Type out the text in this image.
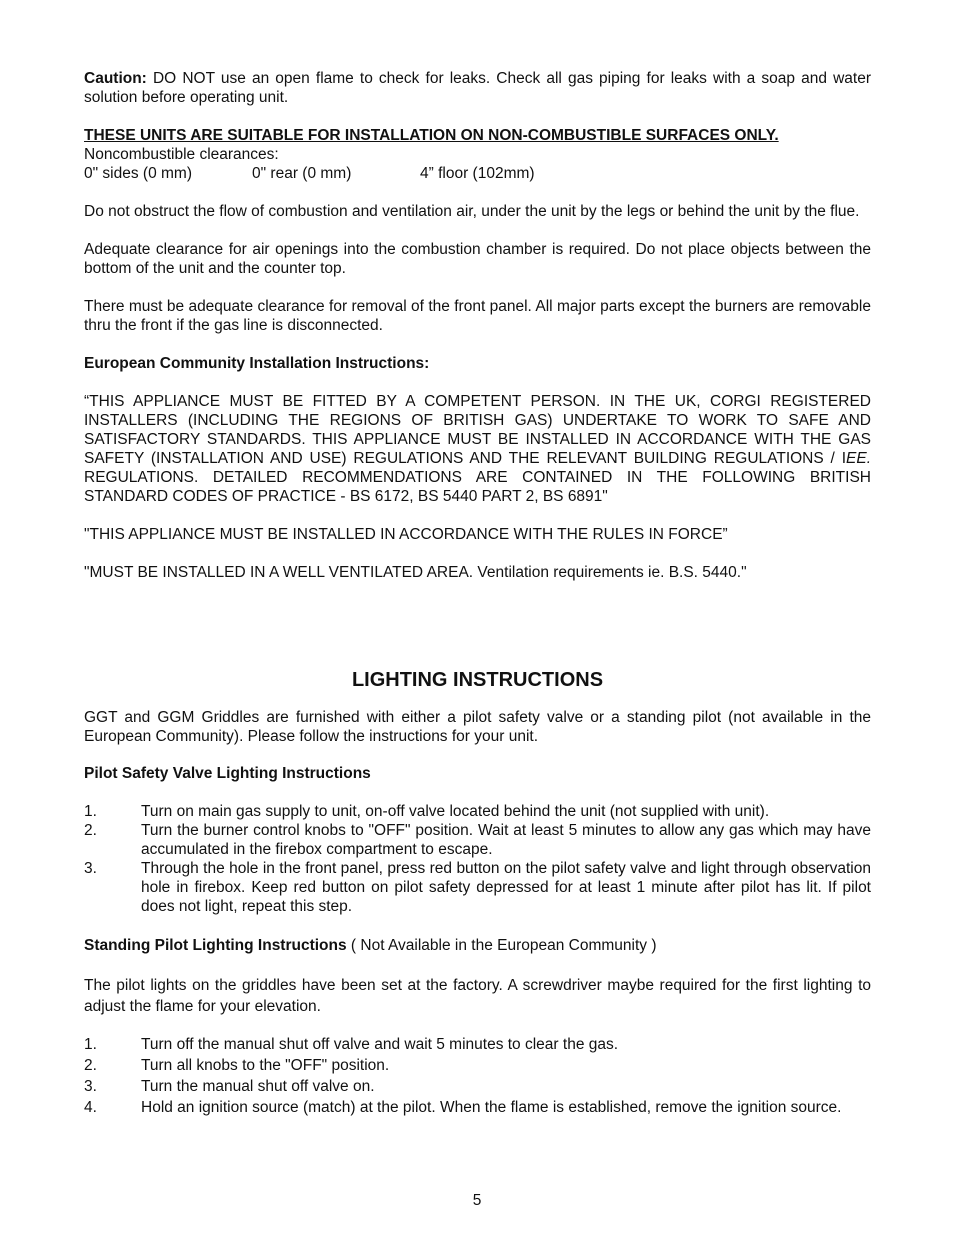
Caution: DO NOT use an open flame to check for leaks. Check all gas piping for leaks with a soap and water solution before operating unit.

THESE UNITS ARE SUITABLE FOR INSTALLATION ON NON-COMBUSTIBLE SURFACES ONLY.

Noncombustible clearances:

0" sides (0 mm)	0" rear (0 mm)	4” floor (102mm)

Do not obstruct the flow of combustion and ventilation air, under the unit by the legs or behind the unit by the flue.

Adequate clearance for air openings into the combustion chamber is required. Do not place objects between the bottom of the unit and the counter top.

There must be adequate clearance for removal of the front panel. All major parts except the burners are removable thru the front if the gas line is disconnected.

European Community Installation Instructions:

“THIS APPLIANCE MUST BE FITTED BY A COMPETENT PERSON. IN THE UK, CORGI REGISTERED INSTALLERS (INCLUDING THE REGIONS OF BRITISH GAS) UNDERTAKE TO WORK TO SAFE AND SATISFACTORY STANDARDS. THIS APPLIANCE MUST BE INSTALLED IN ACCORDANCE WITH THE GAS SAFETY (INSTALLATION AND USE) REGULATIONS AND THE RELEVANT BUILDING REGULATIONS / IEE. REGULATIONS. DETAILED RECOMMENDATIONS ARE CONTAINED IN THE FOLLOWING BRITISH STANDARD CODES OF PRACTICE - BS 6172, BS 5440 PART 2, BS 6891"

"THIS APPLIANCE MUST BE INSTALLED IN ACCORDANCE WITH THE RULES IN FORCE”

"MUST BE INSTALLED IN A WELL VENTILATED AREA. Ventilation requirements ie. B.S. 5440."

LIGHTING INSTRUCTIONS

GGT and GGM Griddles are furnished with either a pilot safety valve or a standing pilot (not available in the European Community). Please follow the instructions for your unit.

Pilot Safety Valve Lighting Instructions

1.	Turn on main gas supply to unit, on-off valve located behind the unit (not supplied with unit).
2.	Turn the burner control knobs to "OFF" position. Wait at least 5 minutes to allow any gas which may have accumulated in the firebox compartment to escape.
3.	Through the hole in the front panel, press red button on the pilot safety valve and light through observation hole in firebox. Keep red button on pilot safety depressed for at least 1 minute after pilot has lit. If pilot does not light, repeat this step.

Standing Pilot Lighting Instructions ( Not Available in the European Community )

The pilot lights on the griddles have been set at the factory. A screwdriver maybe required for the first lighting to adjust the flame for your elevation.

1.	Turn off the manual shut off valve and wait 5 minutes to clear the gas.
2.	Turn all knobs to the "OFF" position.
3.	Turn the manual shut off valve on.
4.	Hold an ignition source (match) at the pilot. When the flame is established, remove the ignition source.
5
